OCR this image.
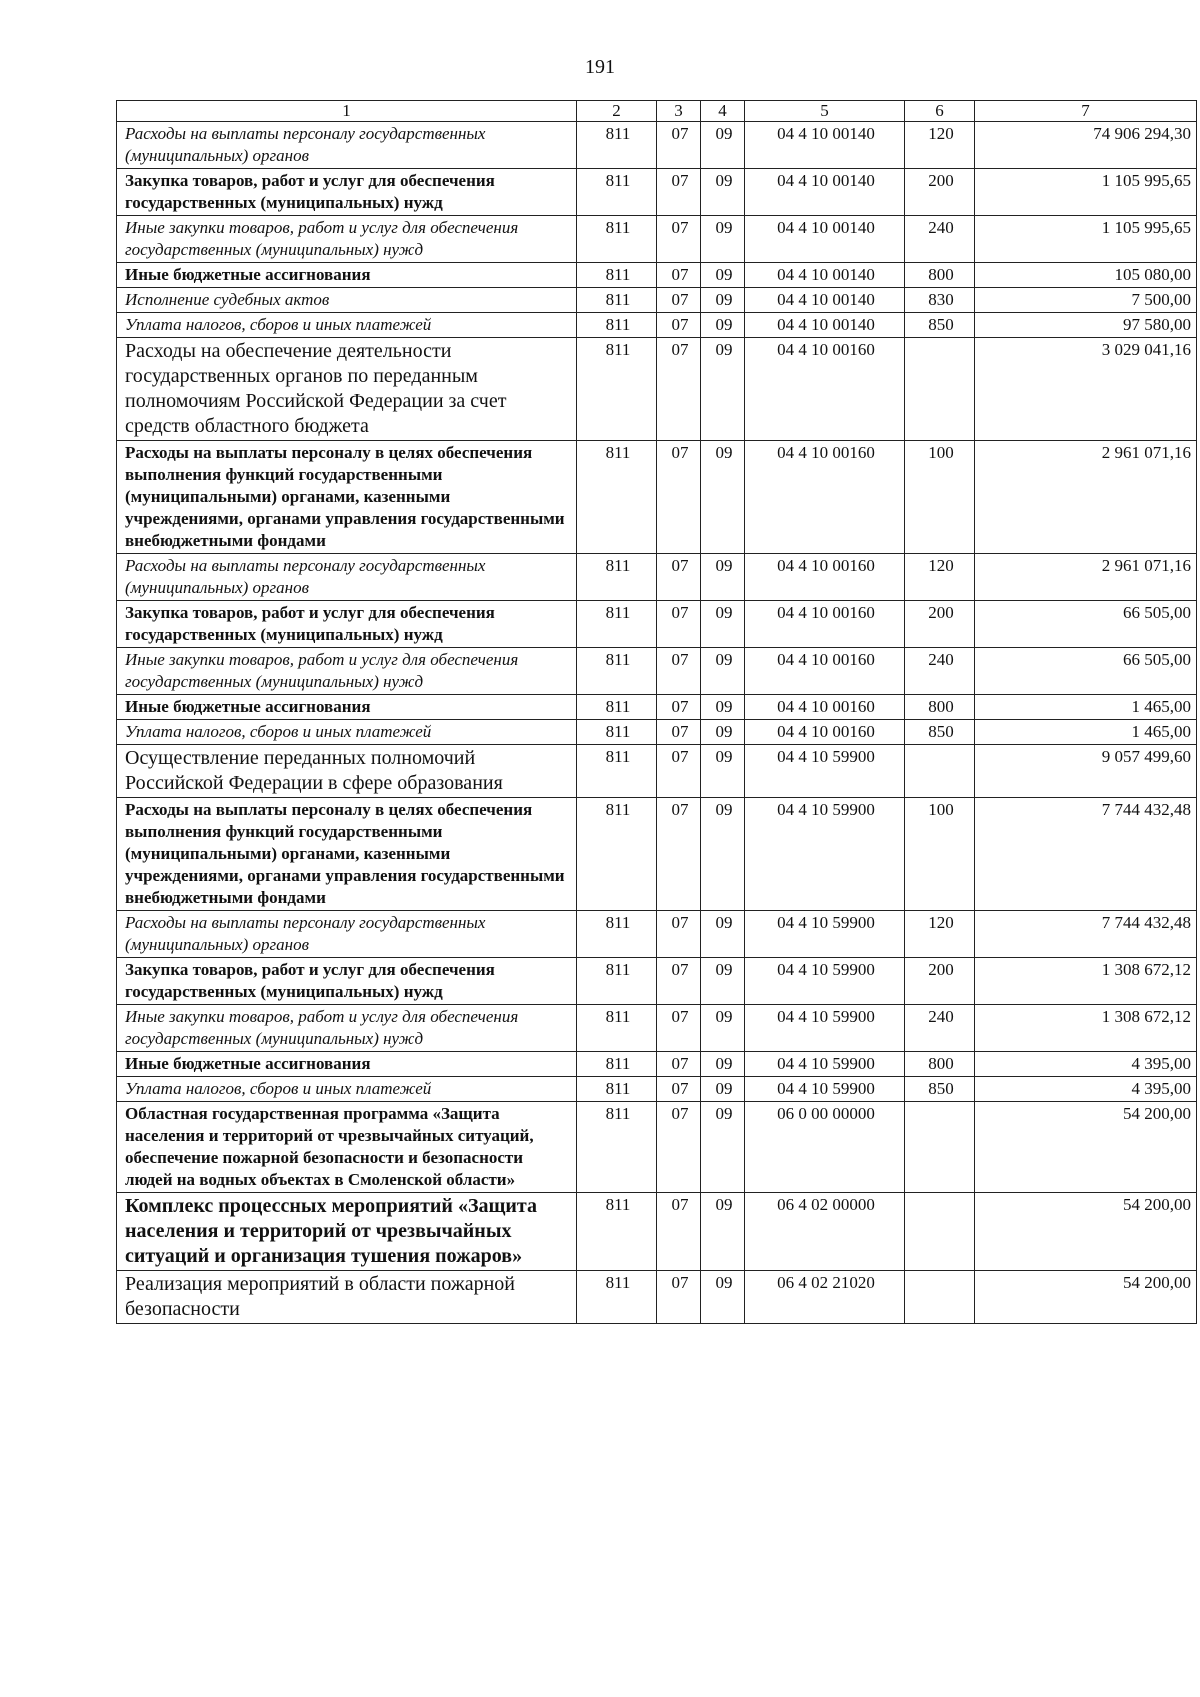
191
1	2	3	4	5	6	7
Расходы на выплаты персоналу государственных (муниципальных) органов	811	07	09	04 4 10 00140	120	74 906 294,30
Закупка товаров, работ и услуг для обеспечения государственных (муниципальных) нужд	811	07	09	04 4 10 00140	200	1 105 995,65
Иные закупки товаров, работ и услуг для обеспечения государственных (муниципальных) нужд	811	07	09	04 4 10 00140	240	1 105 995,65
Иные бюджетные ассигнования	811	07	09	04 4 10 00140	800	105 080,00
Исполнение судебных актов	811	07	09	04 4 10 00140	830	7 500,00
Уплата налогов, сборов и иных платежей	811	07	09	04 4 10 00140	850	97 580,00
Расходы на обеспечение деятельности государственных органов по переданным полномочиям Российской Федерации за счет средств областного бюджета	811	07	09	04 4 10 00160		3 029 041,16
Расходы на выплаты персоналу в целях обеспечения выполнения функций государственными (муниципальными) органами, казенными учреждениями, органами управления государственными внебюджетными фондами	811	07	09	04 4 10 00160	100	2 961 071,16
Расходы на выплаты персоналу государственных (муниципальных) органов	811	07	09	04 4 10 00160	120	2 961 071,16
Закупка товаров, работ и услуг для обеспечения государственных (муниципальных) нужд	811	07	09	04 4 10 00160	200	66 505,00
Иные закупки товаров, работ и услуг для обеспечения государственных (муниципальных) нужд	811	07	09	04 4 10 00160	240	66 505,00
Иные бюджетные ассигнования	811	07	09	04 4 10 00160	800	1 465,00
Уплата налогов, сборов и иных платежей	811	07	09	04 4 10 00160	850	1 465,00
Осуществление переданных полномочий Российской Федерации в сфере образования	811	07	09	04 4 10 59900		9 057 499,60
Расходы на выплаты персоналу в целях обеспечения выполнения функций государственными (муниципальными) органами, казенными учреждениями, органами управления государственными внебюджетными фондами	811	07	09	04 4 10 59900	100	7 744 432,48
Расходы на выплаты персоналу государственных (муниципальных) органов	811	07	09	04 4 10 59900	120	7 744 432,48
Закупка товаров, работ и услуг для обеспечения государственных (муниципальных) нужд	811	07	09	04 4 10 59900	200	1 308 672,12
Иные закупки товаров, работ и услуг для обеспечения государственных (муниципальных) нужд	811	07	09	04 4 10 59900	240	1 308 672,12
Иные бюджетные ассигнования	811	07	09	04 4 10 59900	800	4 395,00
Уплата налогов, сборов и иных платежей	811	07	09	04 4 10 59900	850	4 395,00
Областная государственная программа «Защита населения и территорий от чрезвычайных ситуаций, обеспечение пожарной безопасности и безопасности людей на водных объектах в Смоленской области»	811	07	09	06 0 00 00000		54 200,00
Комплекс процессных мероприятий «Защита населения и территорий от чрезвычайных ситуаций и организация тушения пожаров»	811	07	09	06 4 02 00000		54 200,00
Реализация мероприятий в области пожарной безопасности	811	07	09	06 4 02 21020		54 200,00
